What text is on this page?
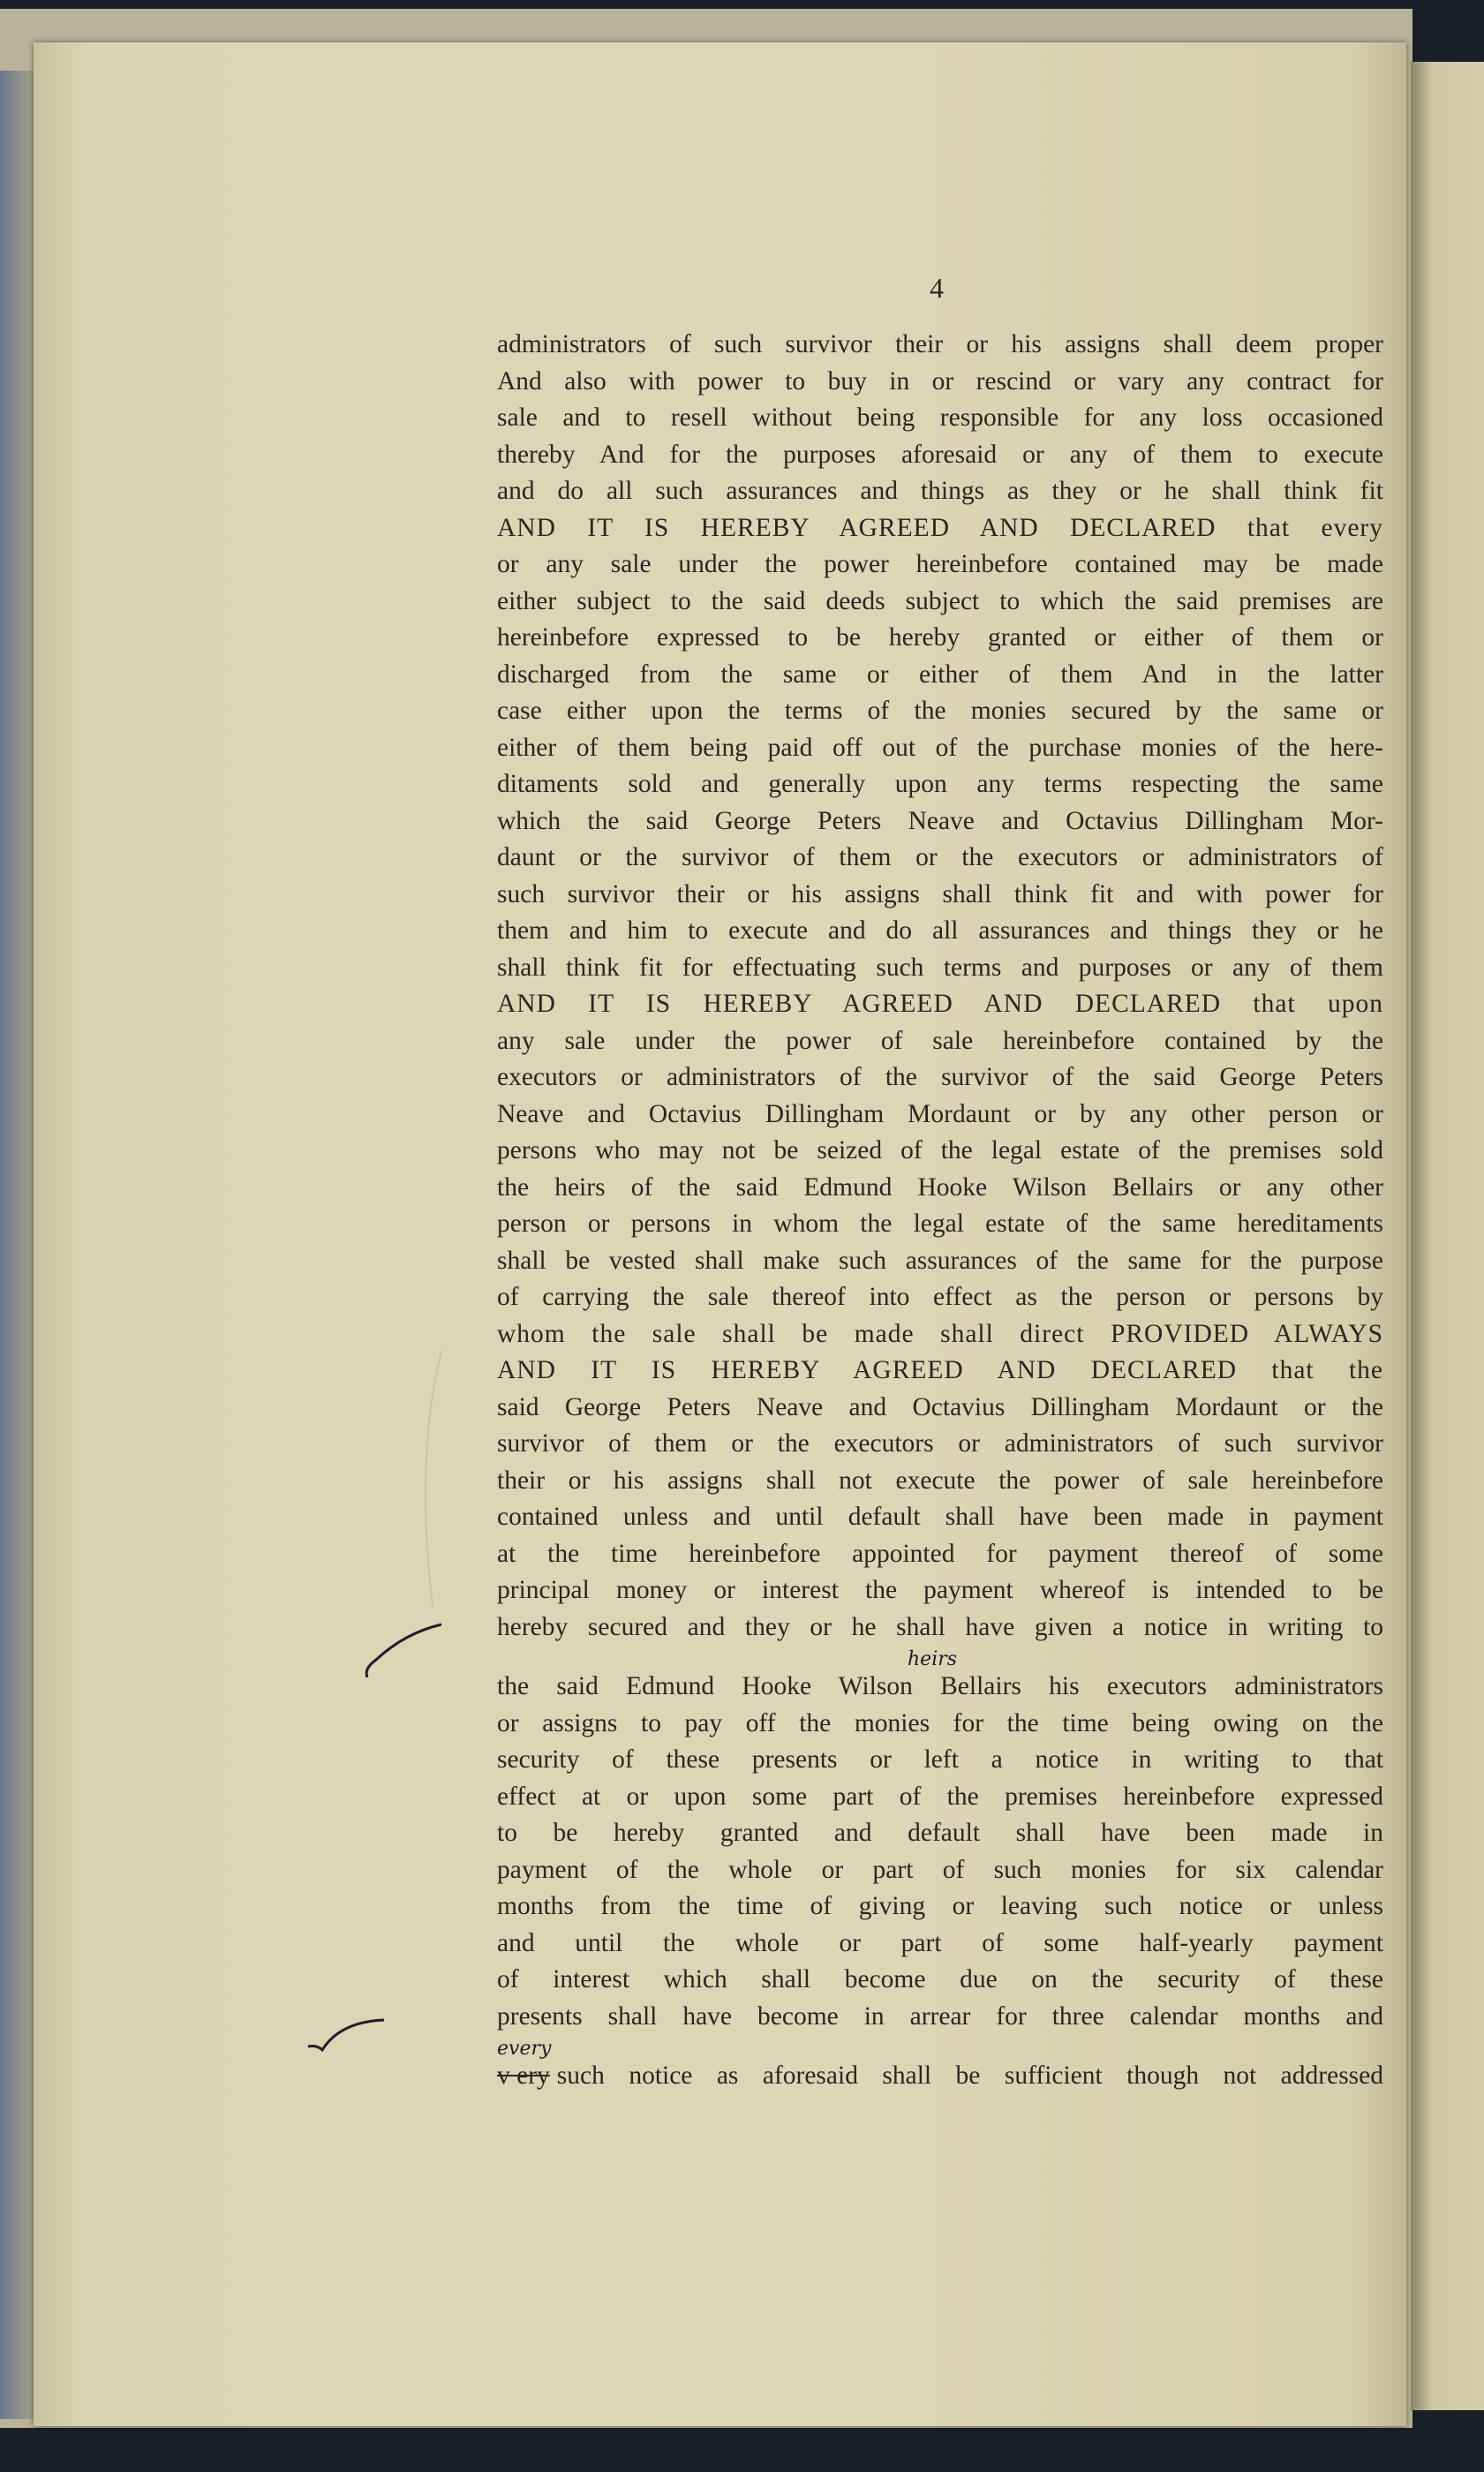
4
administrators of such survivor their or his assigns shall deem proper
And also with power to buy in or rescind or vary any contract for
sale and to resell without being responsible for any loss occasioned
thereby And for the purposes aforesaid or any of them to execute
and do all such assurances and things as they or he shall think fit
AND IT IS HEREBY AGREED AND DECLARED that every
or any sale under the power hereinbefore contained may be made
either subject to the said deeds subject to which the said premises are
hereinbefore expressed to be hereby granted or either of them or
discharged from the same or either of them And in the latter
case either upon the terms of the monies secured by the same or
either of them being paid off out of the purchase monies of the here-
ditaments sold and generally upon any terms respecting the same
which the said George Peters Neave and Octavius Dillingham Mor-
daunt or the survivor of them or the executors or administrators of
such survivor their or his assigns shall think fit and with power for
them and him to execute and do all assurances and things they or he
shall think fit for effectuating such terms and purposes or any of them
AND IT IS HEREBY AGREED AND DECLARED that upon
any sale under the power of sale hereinbefore contained by the
executors or administrators of the survivor of the said George Peters
Neave and Octavius Dillingham Mordaunt or by any other person or
persons who may not be seized of the legal estate of the premises sold
the heirs of the said Edmund Hooke Wilson Bellairs or any other
person or persons in whom the legal estate of the same hereditaments
shall be vested shall make such assurances of the same for the purpose
of carrying the sale thereof into effect as the person or persons by
whom the sale shall be made shall direct PROVIDED ALWAYS
AND IT IS HEREBY AGREED AND DECLARED that the
said George Peters Neave and Octavius Dillingham Mordaunt or the
survivor of them or the executors or administrators of such survivor
their or his assigns shall not execute the power of sale hereinbefore
contained unless and until default shall have been made in payment
at the time hereinbefore appointed for payment thereof of some
principal money or interest the payment whereof is intended to be
hereby secured and they or he shall have given a notice in writing to
heirs
the said Edmund Hooke Wilson Bellairs his executors administrators
or assigns to pay off the monies for the time being owing on the
security of these presents or left a notice in writing to that
effect at or upon some part of the premises hereinbefore expressed
to be hereby granted and default shall have been made in
payment of the whole or part of such monies for six calendar
months from the time of giving or leaving such notice or unless
and until the whole or part of some half-yearly payment
of interest which shall become due on the security of these
presents shall have become in arrear for three calendar months and
every
v ery such notice as aforesaid shall be sufficient though not addressed
